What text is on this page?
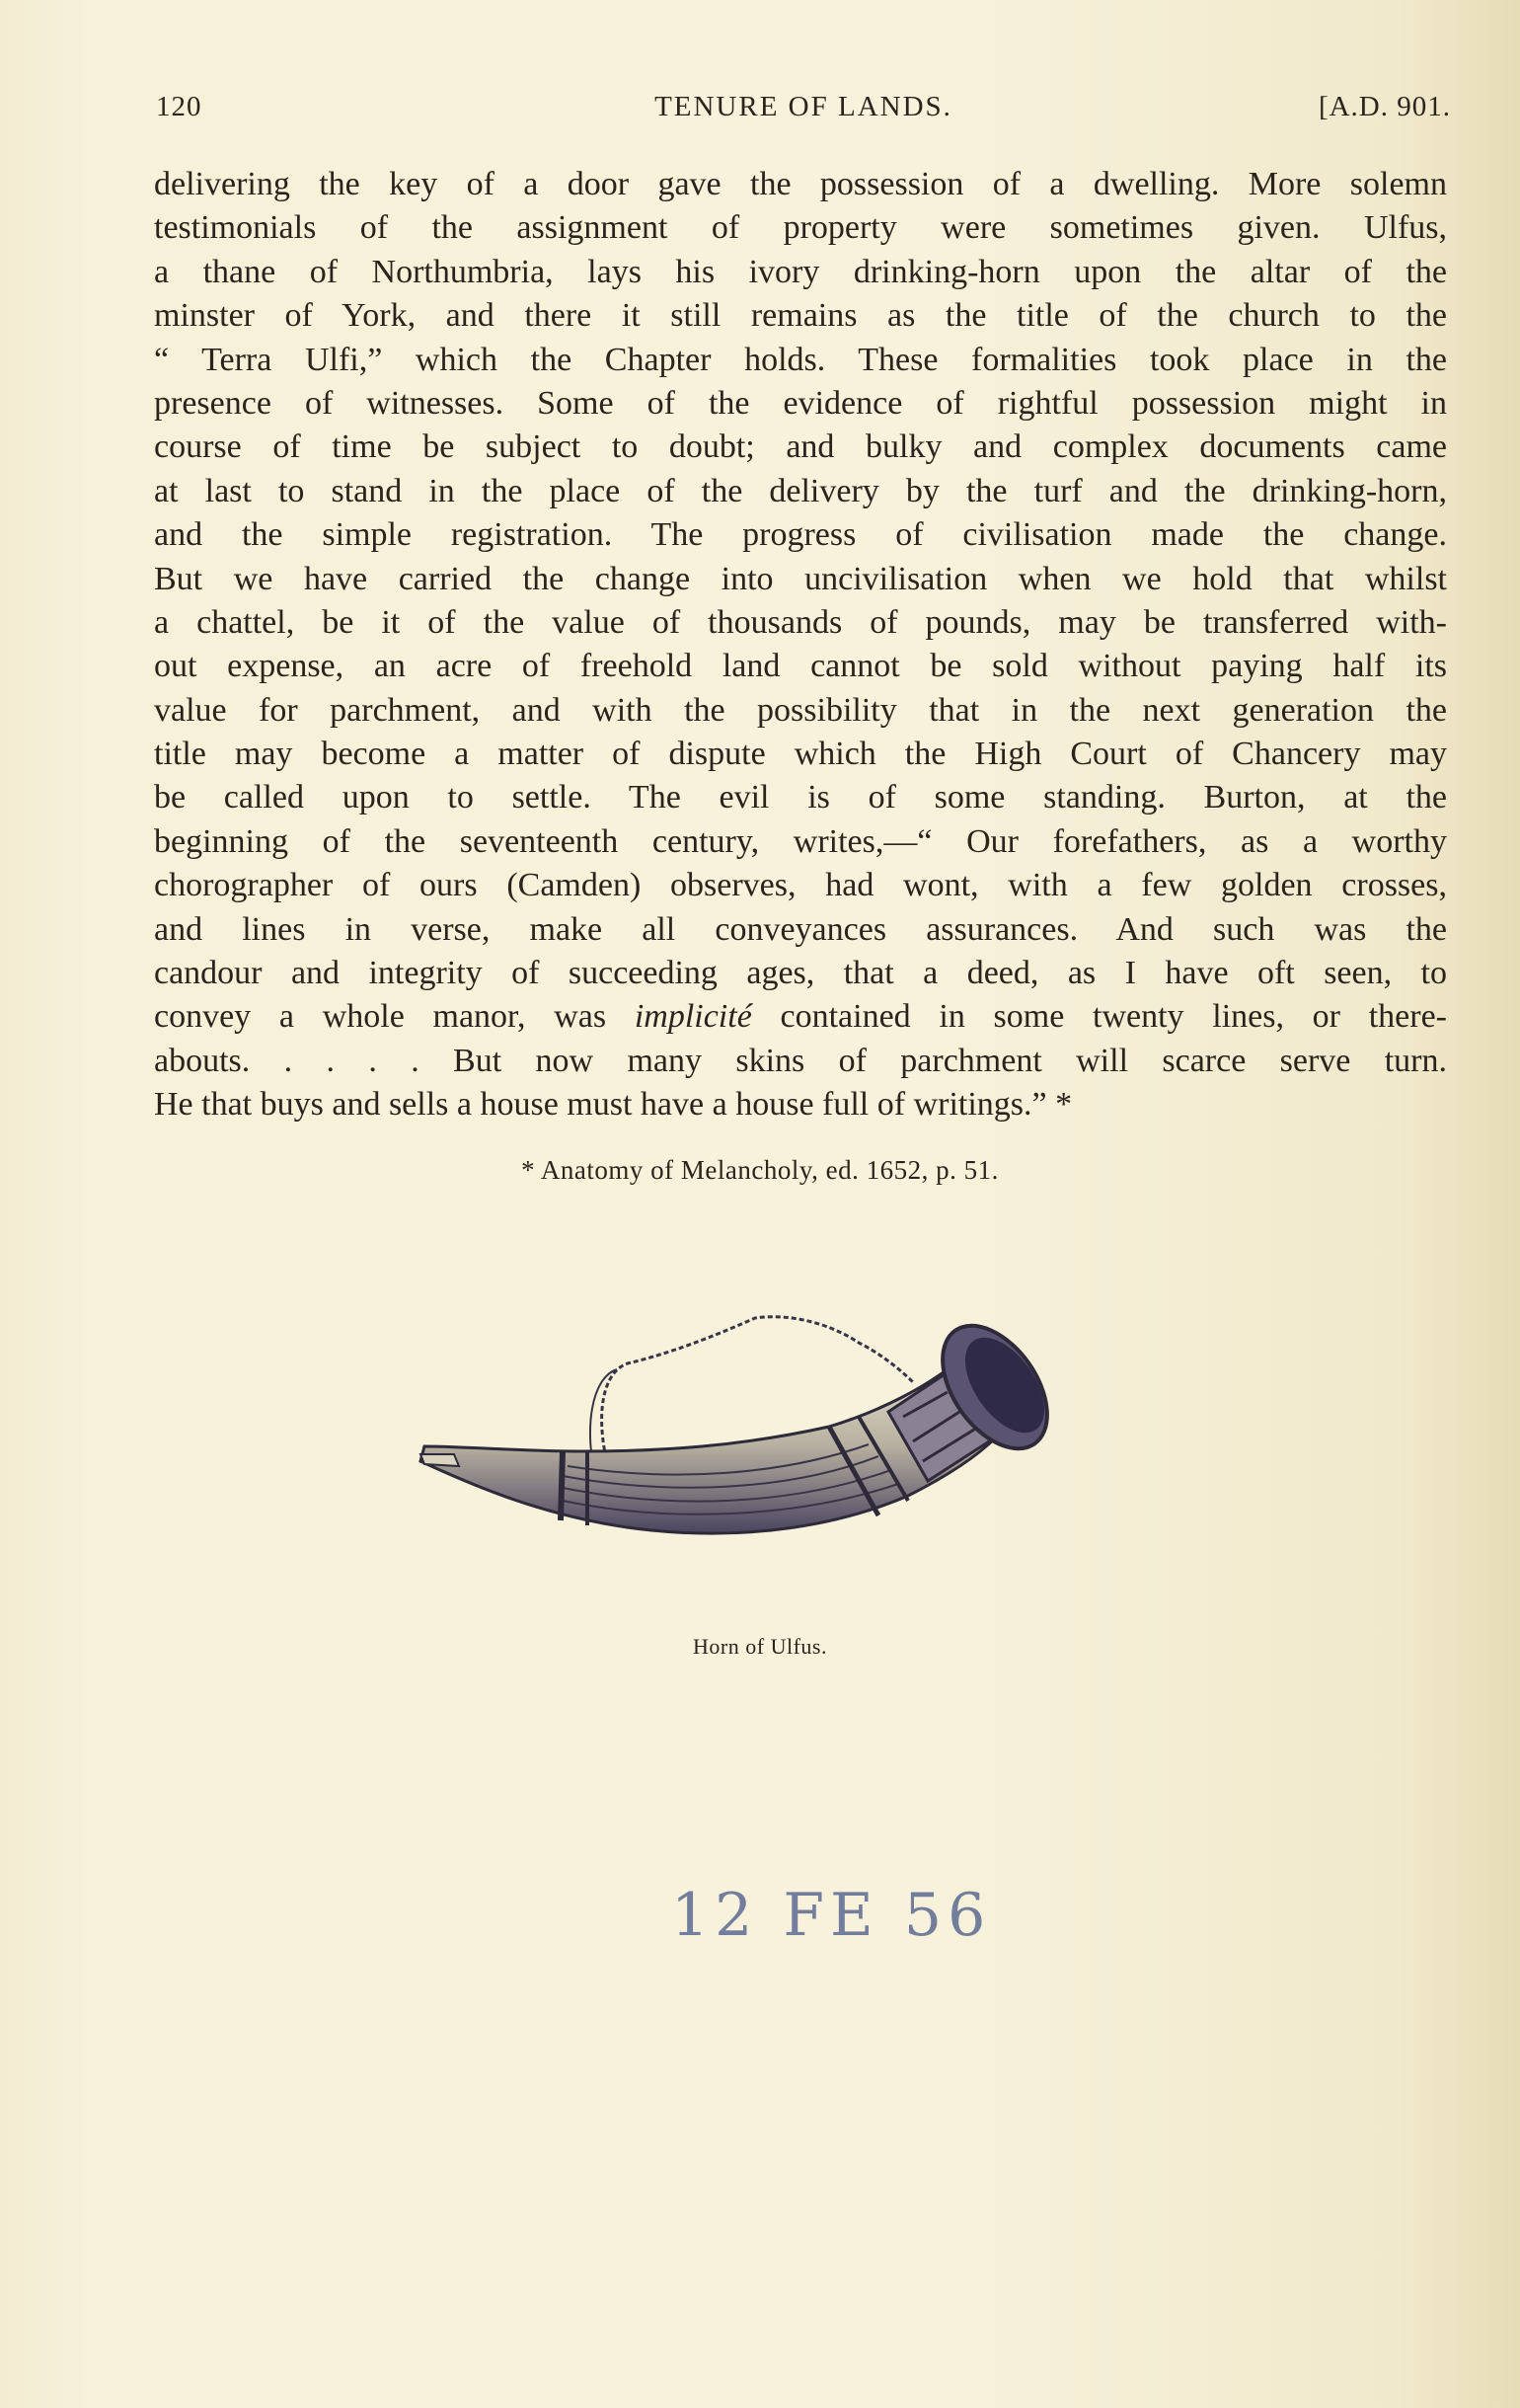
120	TENURE OF LANDS.	[A.D. 901.
delivering the key of a door gave the possession of a dwelling. More solemn
testimonials of the assignment of property were sometimes given. Ulfus,
a thane of Northumbria, lays his ivory drinking-horn upon the altar of the
minster of York, and there it still remains as the title of the church to the
“ Terra Ulfi,” which the Chapter holds. These formalities took place in the
presence of witnesses. Some of the evidence of rightful possession might in
course of time be subject to doubt; and bulky and complex documents came
at last to stand in the place of the delivery by the turf and the drinking-horn,
and the simple registration. The progress of civilisation made the change.
But we have carried the change into uncivilisation when we hold that whilst
a chattel, be it of the value of thousands of pounds, may be transferred with-
out expense, an acre of freehold land cannot be sold without paying half its
value for parchment, and with the possibility that in the next generation the
title may become a matter of dispute which the High Court of Chancery may
be called upon to settle. The evil is of some standing. Burton, at the
beginning of the seventeenth century, writes,—“ Our forefathers, as a worthy
chorographer of ours (Camden) observes, had wont, with a few golden crosses,
and lines in verse, make all conveyances assurances. And such was the
candour and integrity of succeeding ages, that a deed, as I have oft seen, to
convey a whole manor, was implicité contained in some twenty lines, or there-
abouts. . . . . But now many skins of parchment will scarce serve turn.
He that buys and sells a house must have a house full of writings.” *
* Anatomy of Melancholy, ed. 1652, p. 51.
Horn of Ulfus.
12 FE 56
